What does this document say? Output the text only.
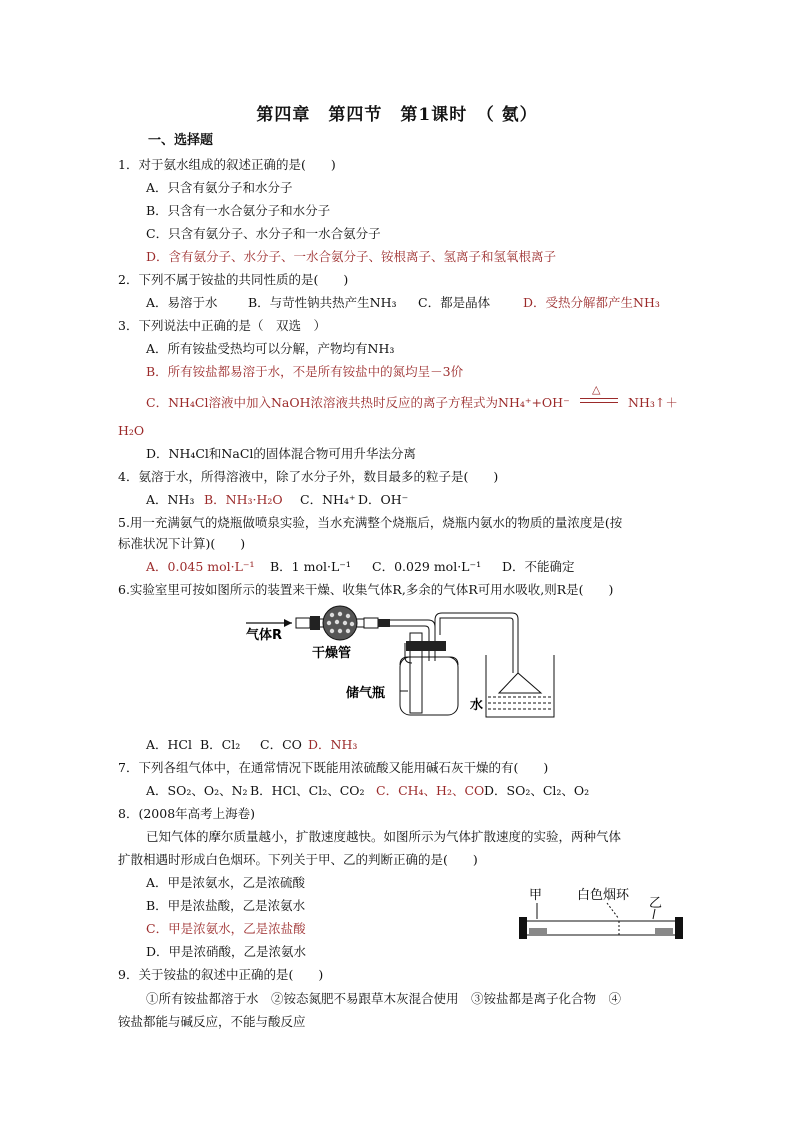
第四章　第四节　第1课时　（ 氨）
一、选择题
1．对于氨水组成的叙述正确的是(　　)
A．只含有氨分子和水分子
B．只含有一水合氨分子和水分子
C．只含有氨分子、水分子和一水合氨分子
D．含有氨分子、水分子、一水合氨分子、铵根离子、氢离子和氢氧根离子
2．下列不属于铵盐的共同性质的是(　　)
A．易溶于水 B．与苛性钠共热产生NH₃ C．都是晶体	D．受热分解都产生NH₃
3．下列说法中正确的是（　双选　）
A．所有铵盐受热均可以分解，产物均有NH₃
B．所有铵盐都易溶于水，不是所有铵盐中的氮均呈－3价
C．NH₄Cl溶液中加入NaOH浓溶液共热时反应的离子方程式为NH₄⁺+OH⁻
△
NH₃↑＋
H₂O
D．NH₄Cl和NaCl的固体混合物可用升华法分离
4．氨溶于水，所得溶液中，除了水分子外，数目最多的粒子是(　　)
A．NH₃ B．NH₃·H₂O C．NH₄⁺ D．OH⁻
5.用一充满氨气的烧瓶做喷泉实验，当水充满整个烧瓶后，烧瓶内氨水的物质的量浓度是(按
标准状况下计算)(　　)
A．0.045 mol·L⁻¹ B．1 mol·L⁻¹ C．0.029 mol·L⁻¹ D．不能确定
6.实验室里可按如图所示的装置来干燥、收集气体R,多余的气体R可用水吸收,则R是(　　)
气体R
干燥管
储气瓶
水
A．HCl B．Cl₂ C．CO D．NH₃
7．下列各组气体中，在通常情况下既能用浓硫酸又能用碱石灰干燥的有(　　)
A．SO₂、O₂、N₂ B．HCl、Cl₂、CO₂ C．CH₄、H₂、CO D．SO₂、Cl₂、O₂
8．(2008年高考上海卷)
已知气体的摩尔质量越小，扩散速度越快。如图所示为气体扩散速度的实验，两种气体
扩散相遇时形成白色烟环。下列关于甲、乙的判断正确的是(　　)
A．甲是浓氨水，乙是浓硫酸
B．甲是浓盐酸，乙是浓氨水
C．甲是浓氨水，乙是浓盐酸
D．甲是浓硝酸，乙是浓氨水
甲	白色烟环
乙
9．关于铵盐的叙述中正确的是(　　)
①所有铵盐都溶于水　②铵态氮肥不易跟草木灰混合使用　③铵盐都是离子化合物　④
铵盐都能与碱反应，不能与酸反应
